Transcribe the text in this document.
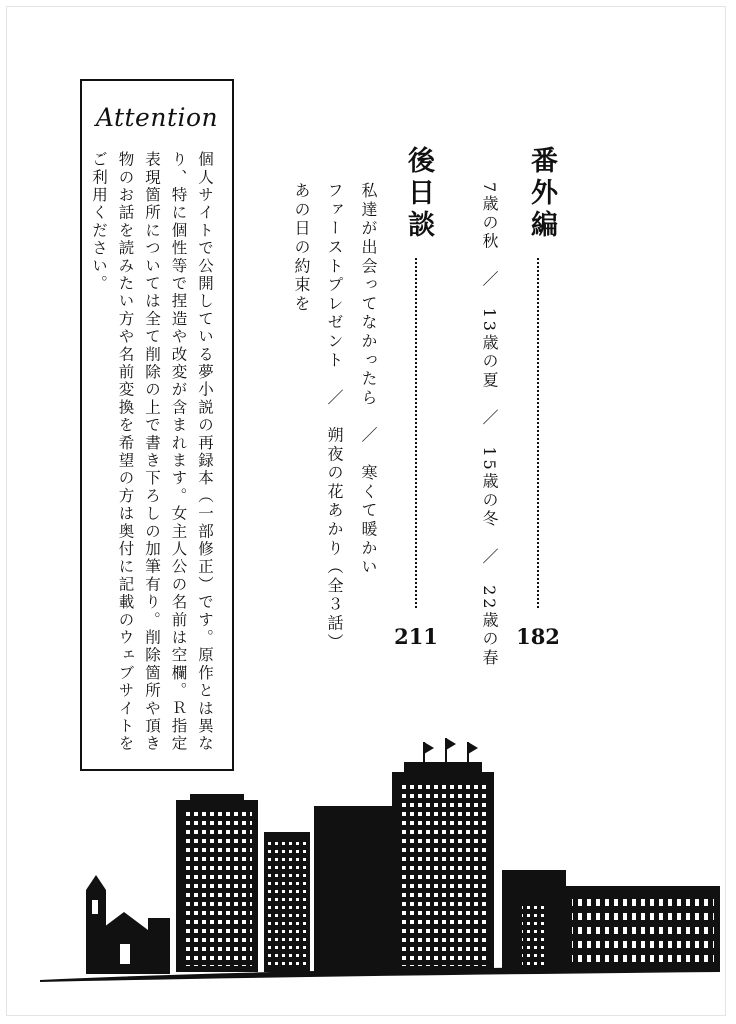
Attention
個人サイトで公開している夢小説の再録本（一部修正）です。原作とは異なり、特に個性等で捏造や改変が含まれます。女主人公の名前は空欄。Ｒ指定表現箇所については全て削除の上で書き下ろしの加筆有り。削除箇所や頂き物のお話を読みたい方や名前変換を希望の方は奥付に記載のウェブサイトをご利用ください。	番外編
7歳の秋　／　13歳の夏　／　15歳の冬　／　22歳の春 182
後日談
211
私達が出会ってなかったら　／　寒くて暖かい
ファーストプレゼント　／　朔夜の花あかり（全３話）
あの日の約束を
